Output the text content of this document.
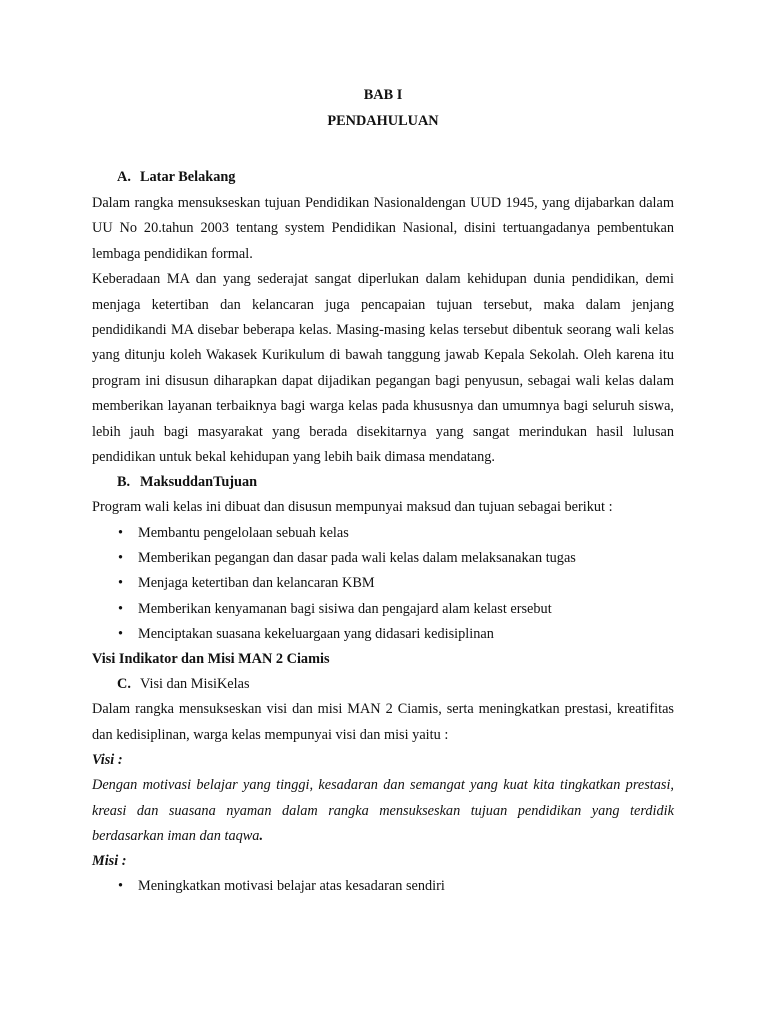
BAB I

PENDAHULUAN

A. Latar Belakang

Dalam rangka mensukseskan tujuan Pendidikan Nasionaldengan UUD 1945, yang dijabarkan dalam UU No 20.tahun 2003 tentang system Pendidikan Nasional, disini tertuangadanya pembentukan lembaga pendidikan formal.

Keberadaan MA dan yang sederajat sangat diperlukan dalam kehidupan dunia pendidikan, demi menjaga ketertiban dan kelancaran juga pencapaian tujuan tersebut, maka dalam jenjang pendidikandi MA disebar beberapa kelas. Masing-masing kelas tersebut dibentuk seorang wali kelas yang ditunju koleh Wakasek Kurikulum di bawah tanggung jawab Kepala Sekolah. Oleh karena itu program ini disusun diharapkan dapat dijadikan pegangan bagi penyusun, sebagai wali kelas dalam memberikan layanan terbaiknya bagi warga kelas pada khususnya dan umumnya bagi seluruh siswa, lebih jauh bagi masyarakat yang berada disekitarnya yang sangat merindukan hasil lulusan pendidikan untuk bekal kehidupan yang lebih baik dimasa mendatang.

B. MaksuddanTujuan

Program wali kelas ini dibuat dan disusun mempunyai maksud dan tujuan sebagai berikut :

• Membantu pengelolaan sebuah kelas
• Memberikan pegangan dan dasar pada wali kelas dalam melaksanakan tugas
• Menjaga ketertiban dan kelancaran KBM
• Memberikan kenyamanan bagi sisiwa dan pengajard alam kelast ersebut
• Menciptakan suasana kekeluargaan yang didasari kedisiplinan

Visi Indikator dan Misi MAN 2 Ciamis

C. Visi dan MisiKelas

Dalam rangka mensukseskan visi dan misi MAN 2 Ciamis, serta meningkatkan prestasi, kreatifitas dan kedisiplinan, warga kelas mempunyai visi dan misi yaitu :

Visi :

Dengan motivasi belajar yang tinggi, kesadaran dan semangat yang kuat kita tingkatkan prestasi, kreasi dan suasana nyaman dalam rangka mensukseskan tujuan pendidikan yang terdidik berdasarkan iman dan taqwa.

Misi :

• Meningkatkan motivasi belajar atas kesadaran sendiri
